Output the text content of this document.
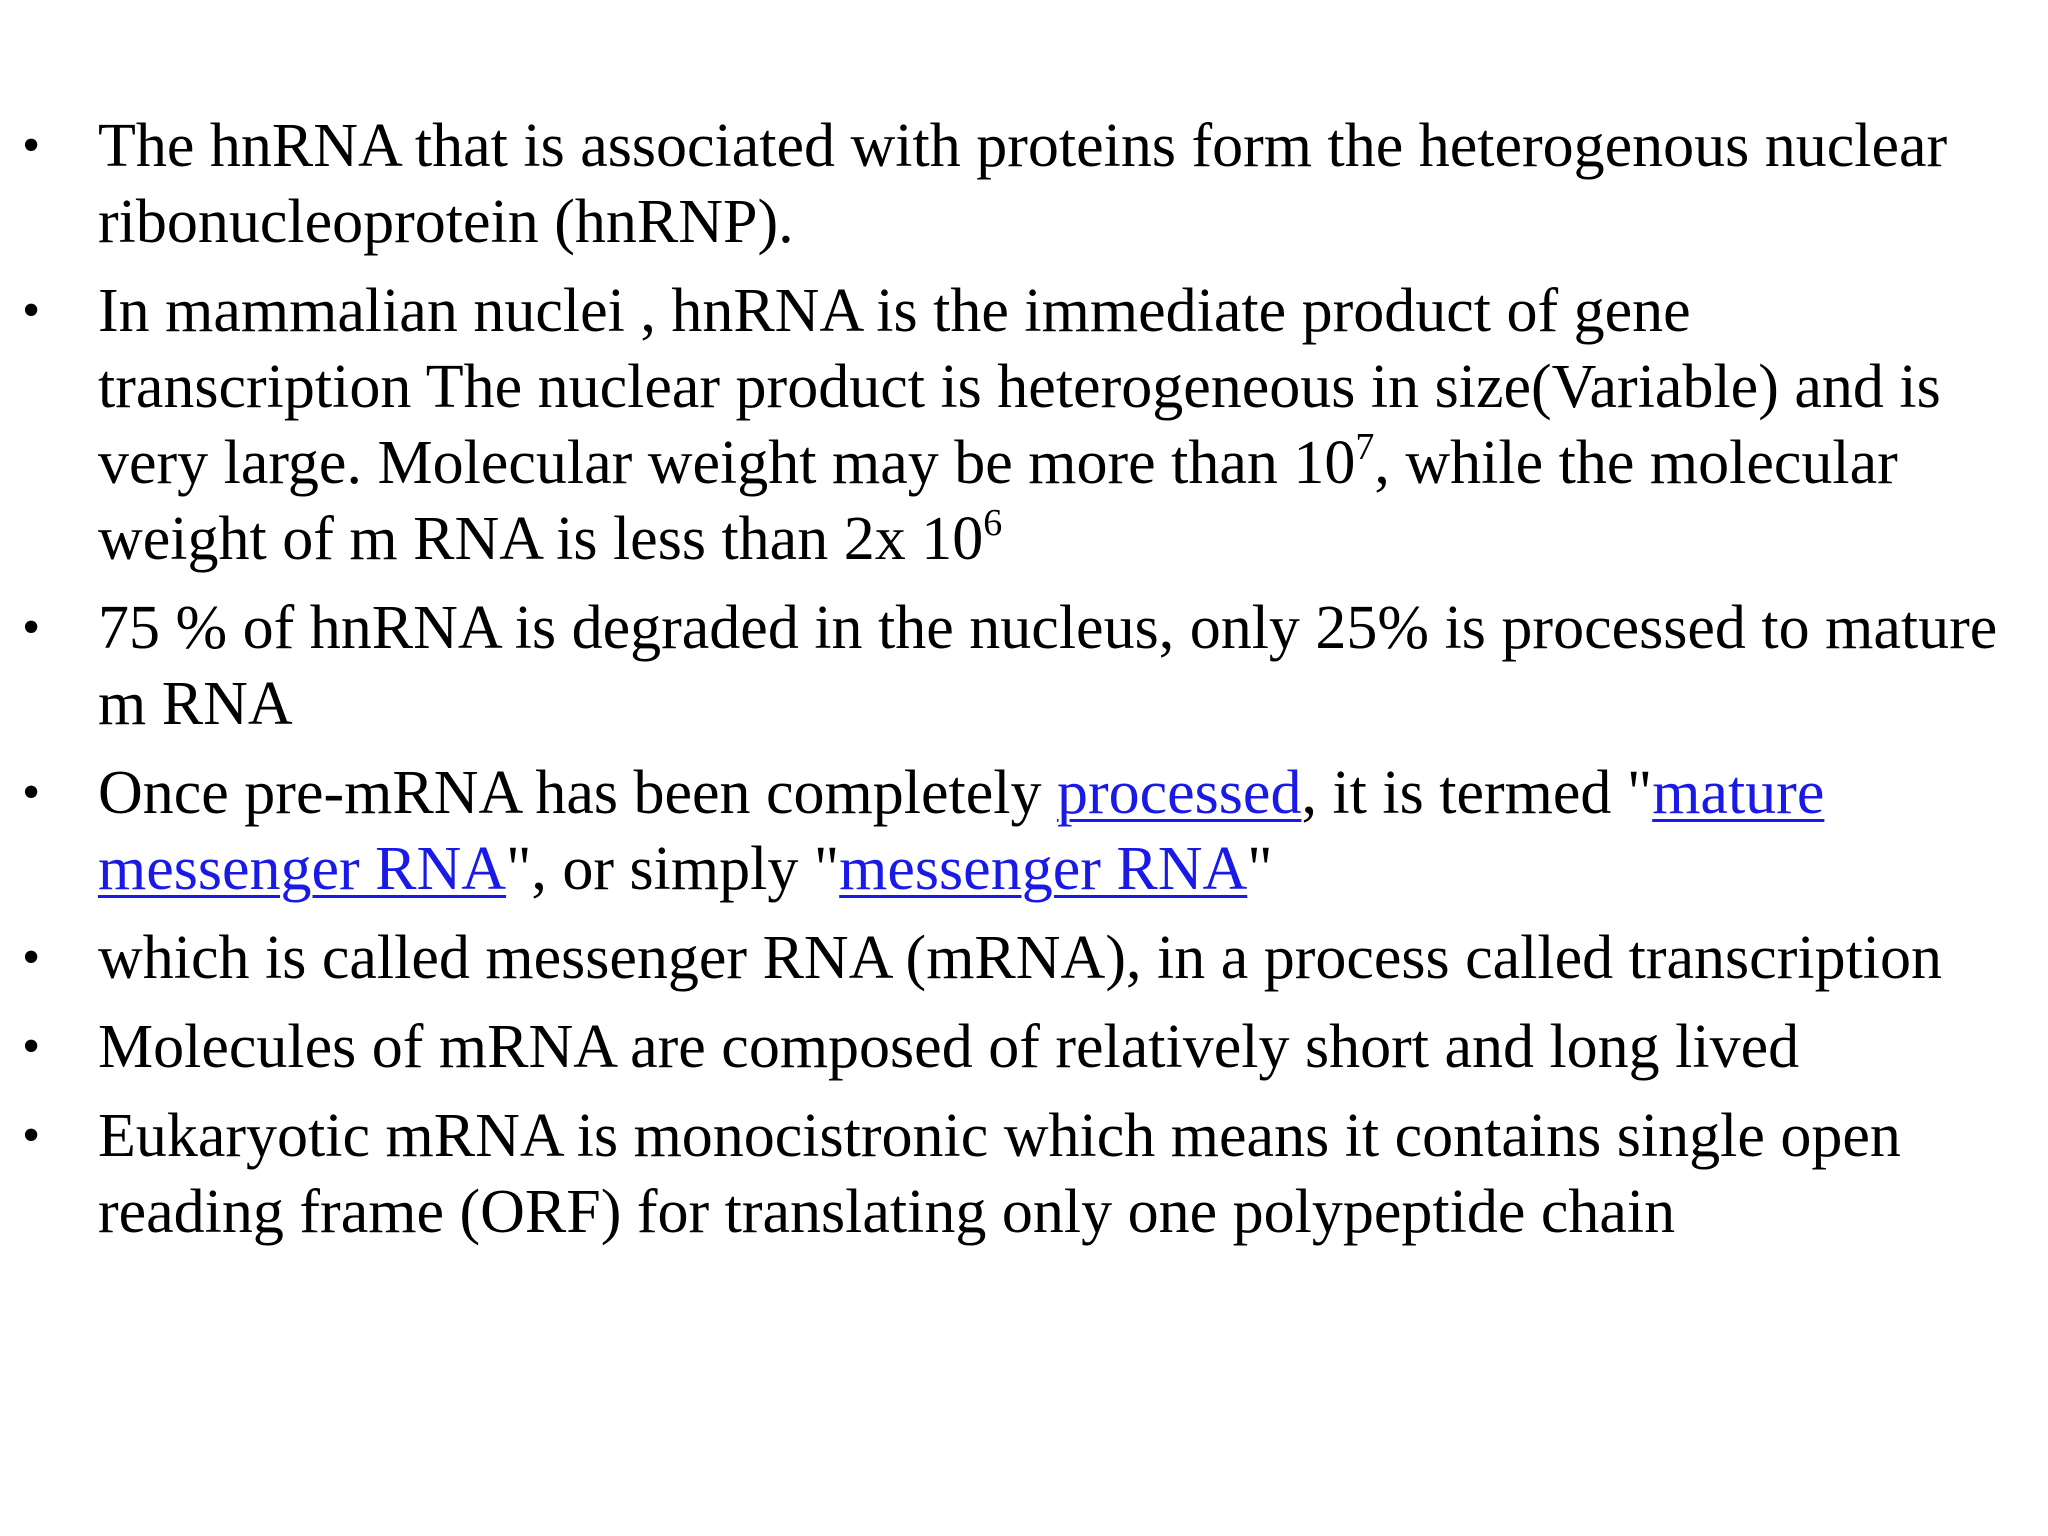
• The hnRNA that is associated with proteins form the heterogenous nuclear ribonucleoprotein (hnRNP).
• In mammalian nuclei , hnRNA is the immediate product of gene transcription The nuclear product is heterogeneous in size(Variable) and is very large. Molecular weight may be more than $10^7$, while the molecular weight of m RNA is less than 2x $10^6$
• 75 % of hnRNA is degraded in the nucleus, only 25% is processed to mature m RNA
• Once pre-mRNA has been completely processed, it is termed "mature messenger RNA", or simply "messenger RNA"
• which is called messenger RNA (mRNA), in a process called transcription
• Molecules of mRNA are composed of relatively short and long lived
• Eukaryotic mRNA is monocistronic which means it contains single open reading frame (ORF) for translating only one polypeptide chain
